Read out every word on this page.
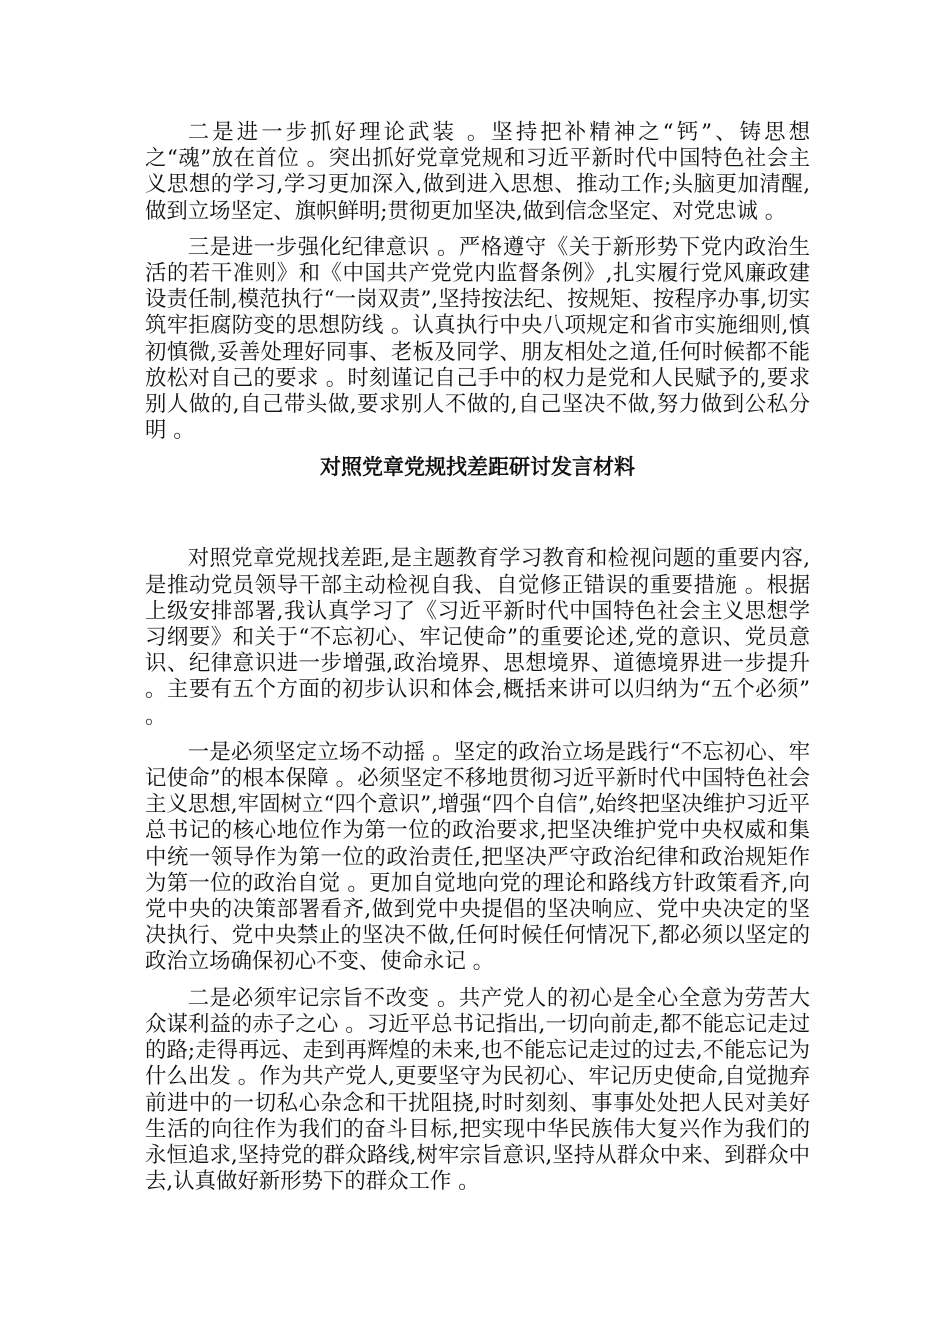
二是进一步抓好理论武装 。坚持把补精神之“钙”、铸思想之“魂”放在首位 。突出抓好党章党规和习近平新时代中国特色社会主义思想的学习,学习更加深入,做到进入思想、推动工作;头脑更加清醒,做到立场坚定、旗帜鲜明;贯彻更加坚决,做到信念坚定、对党忠诚 。

三是进一步强化纪律意识 。严格遵守《关于新形势下党内政治生活的若干准则》和《中国共产党党内监督条例》,扎实履行党风廉政建设责任制,模范执行“一岗双责”,坚持按法纪、按规矩、按程序办事,切实筑牢拒腐防变的思想防线 。认真执行中央八项规定和省市实施细则,慎初慎微,妥善处理好同事、老板及同学、朋友相处之道,任何时候都不能放松对自己的要求 。时刻谨记自己手中的权力是党和人民赋予的,要求别人做的,自己带头做,要求别人不做的,自己坚决不做,努力做到公私分明 。

对照党章党规找差距研讨发言材料

对照党章党规找差距,是主题教育学习教育和检视问题的重要内容,是推动党员领导干部主动检视自我、自觉修正错误的重要措施 。根据上级安排部署,我认真学习了《习近平新时代中国特色社会主义思想学习纲要》和关于“不忘初心、牢记使命”的重要论述,党的意识、党员意识、纪律意识进一步增强,政治境界、思想境界、道德境界进一步提升 。主要有五个方面的初步认识和体会,概括来讲可以归纳为“五个必须” 。

一是必须坚定立场不动摇 。坚定的政治立场是践行“不忘初心、牢记使命”的根本保障 。必须坚定不移地贯彻习近平新时代中国特色社会主义思想,牢固树立“四个意识”,增强“四个自信”,始终把坚决维护习近平总书记的核心地位作为第一位的政治要求,把坚决维护党中央权威和集中统一领导作为第一位的政治责任,把坚决严守政治纪律和政治规矩作为第一位的政治自觉 。更加自觉地向党的理论和路线方针政策看齐,向党中央的决策部署看齐,做到党中央提倡的坚决响应、党中央决定的坚决执行、党中央禁止的坚决不做,任何时候任何情况下,都必须以坚定的政治立场确保初心不变、使命永记 。

二是必须牢记宗旨不改变 。共产党人的初心是全心全意为劳苦大众谋利益的赤子之心 。习近平总书记指出,一切向前走,都不能忘记走过的路;走得再远、走到再辉煌的未来,也不能忘记走过的过去,不能忘记为什么出发 。作为共产党人,更要坚守为民初心、牢记历史使命,自觉抛弃前进中的一切私心杂念和干扰阻挠,时时刻刻、事事处处把人民对美好生活的向往作为我们的奋斗目标,把实现中华民族伟大复兴作为我们的永恒追求,坚持党的群众路线,树牢宗旨意识,坚持从群众中来、到群众中去,认真做好新形势下的群众工作 。
